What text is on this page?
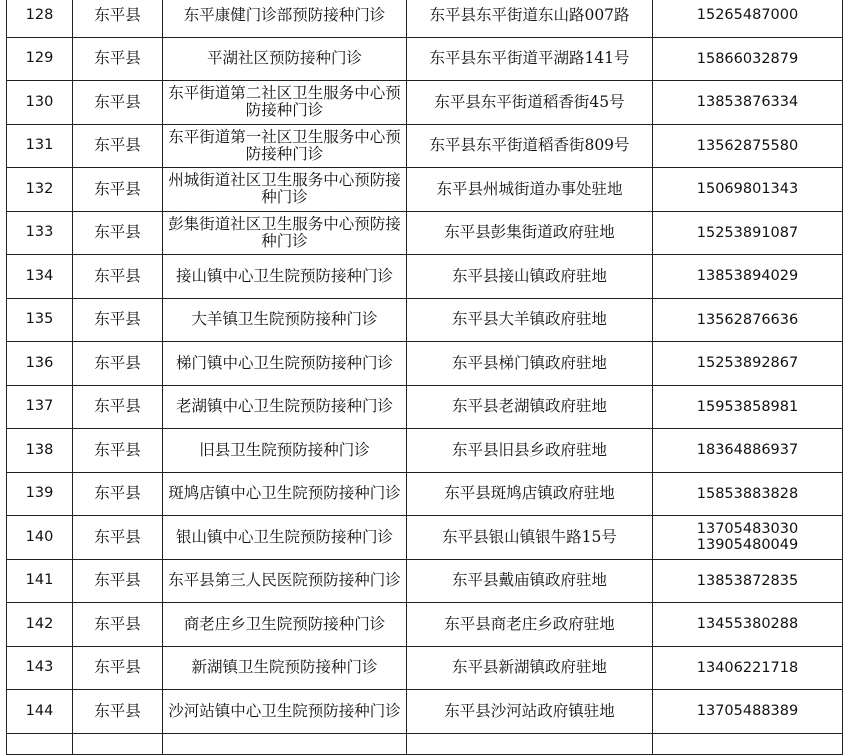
128	东平县	东平康健门诊部预防接种门诊	东平县东平街道东山路007路	15265487000
129	东平县	平湖社区预防接种门诊	东平县东平街道平湖路141号	15866032879
130	东平县	东平街道第二社区卫生服务中心预防接种门诊	东平县东平街道稻香街45号	13853876334
131	东平县	东平街道第一社区卫生服务中心预防接种门诊	东平县东平街道稻香街809号	13562875580
132	东平县	州城街道社区卫生服务中心预防接种门诊	东平县州城街道办事处驻地	15069801343
133	东平县	彭集街道社区卫生服务中心预防接种门诊	东平县彭集街道政府驻地	15253891087
134	东平县	接山镇中心卫生院预防接种门诊	东平县接山镇政府驻地	13853894029
135	东平县	大羊镇卫生院预防接种门诊	东平县大羊镇政府驻地	13562876636
136	东平县	梯门镇中心卫生院预防接种门诊	东平县梯门镇政府驻地	15253892867
137	东平县	老湖镇中心卫生院预防接种门诊	东平县老湖镇政府驻地	15953858981
138	东平县	旧县卫生院预防接种门诊	东平县旧县乡政府驻地	18364886937
139	东平县	斑鸠店镇中心卫生院预防接种门诊	东平县斑鸠店镇政府驻地	15853883828
140	东平县	银山镇中心卫生院预防接种门诊	东平县银山镇银牛路15号	13705483030
13905480049
141	东平县	东平县第三人民医院预防接种门诊	东平县戴庙镇政府驻地	13853872835
142	东平县	商老庄乡卫生院预防接种门诊	东平县商老庄乡政府驻地	13455380288
143	东平县	新湖镇卫生院预防接种门诊	东平县新湖镇政府驻地	13406221718
144	东平县	沙河站镇中心卫生院预防接种门诊	东平县沙河站政府镇驻地	13705488389
